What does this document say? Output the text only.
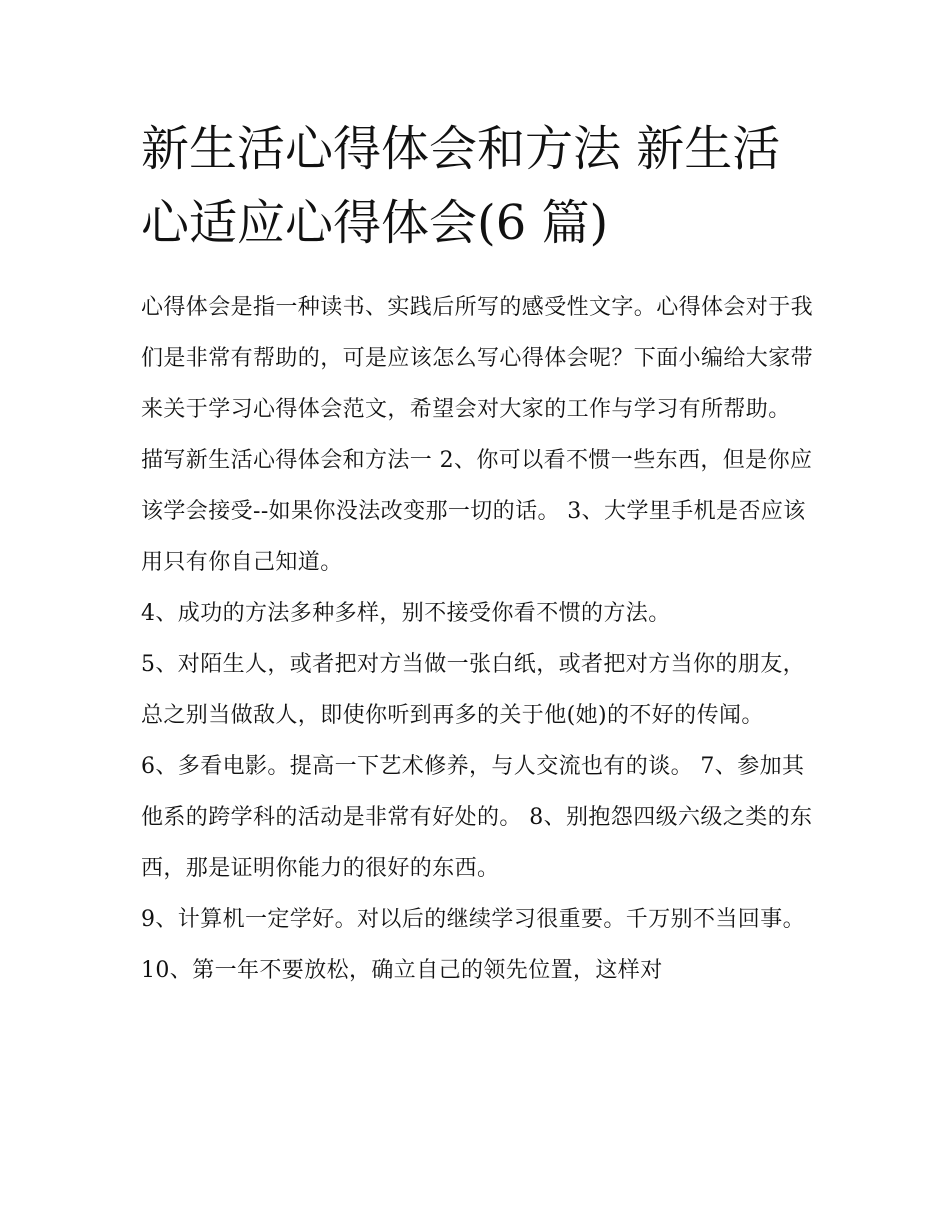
新生活心得体会和方法 新生活
心适应心得体会(6 篇)

心得体会是指一种读书、实践后所写的感受性文字。心得体会对于我们是非常有帮助的，可是应该怎么写心得体会呢？下面小编给大家带来关于学习心得体会范文，希望会对大家的工作与学习有所帮助。

描写新生活心得体会和方法一 2、你可以看不惯一些东西，但是你应该学会接受--如果你没法改变那一切的话。 3、大学里手机是否应该用只有你自己知道。

4、成功的方法多种多样，别不接受你看不惯的方法。

5、对陌生人，或者把对方当做一张白纸，或者把对方当你的朋友，总之别当做敌人，即使你听到再多的关于他(她)的不好的传闻。

6、多看电影。提高一下艺术修养，与人交流也有的谈。 7、参加其他系的跨学科的活动是非常有好处的。 8、别抱怨四级六级之类的东西，那是证明你能力的很好的东西。

9、计算机一定学好。对以后的继续学习很重要。千万别不当回事。 10、第一年不要放松，确立自己的领先位置，这样对
